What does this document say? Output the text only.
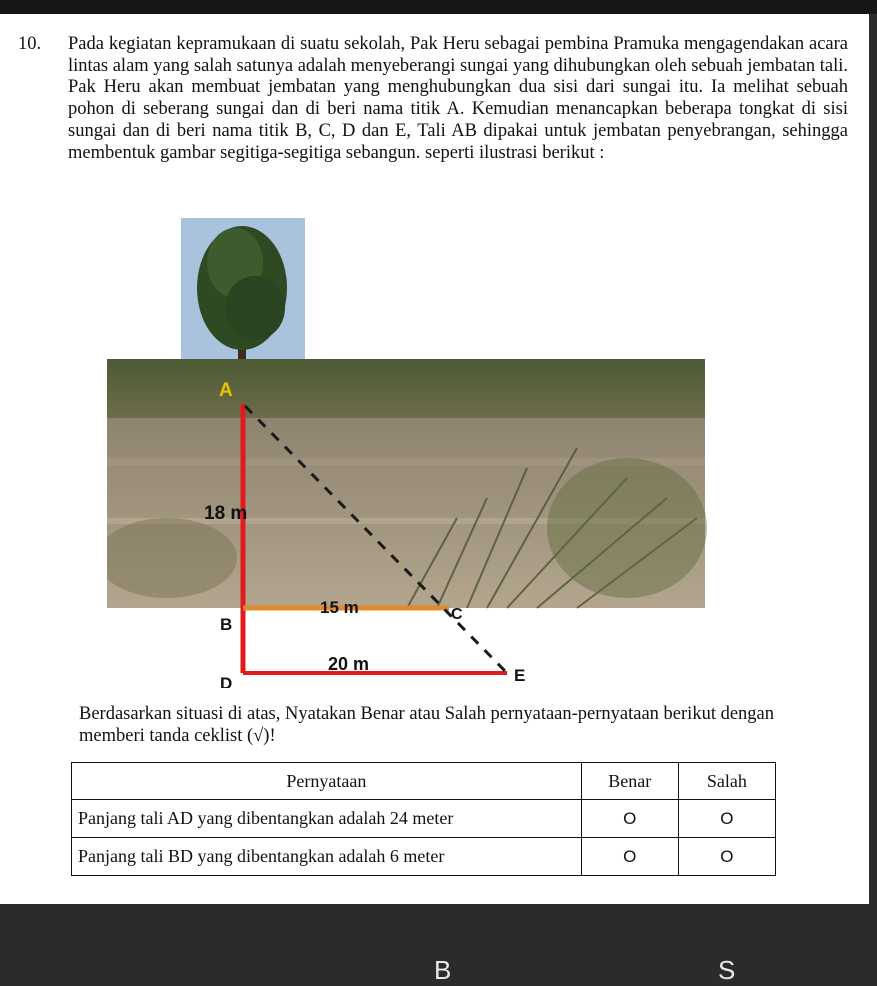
10. Pada kegiatan kepramukaan di suatu sekolah, Pak Heru sebagai pembina Pramuka mengagendakan acara lintas alam yang salah satunya adalah menyeberangi sungai yang dihubungkan oleh sebuah jembatan tali. Pak Heru akan membuat jembatan yang menghubungkan dua sisi dari sungai itu. Ia melihat sebuah pohon di seberang sungai dan di beri nama titik A. Kemudian menancapkan beberapa tongkat di sisi sungai dan di beri nama titik B, C, D dan E, Tali AB dipakai untuk jembatan penyebrangan, sehingga membentuk gambar segitiga-segitiga sebangun. seperti ilustrasi berikut :

A
18 m
B
15 m	C
20 m
D	E

Berdasarkan situasi di atas, Nyatakan Benar atau Salah pernyataan-pernyataan berikut dengan memberi tanda ceklist (√)!

Pernyataan	Benar	Salah
Panjang tali AD yang dibentangkan adalah 24 meter	O	O
Panjang tali BD yang dibentangkan adalah 6 meter	O	O
B	S
